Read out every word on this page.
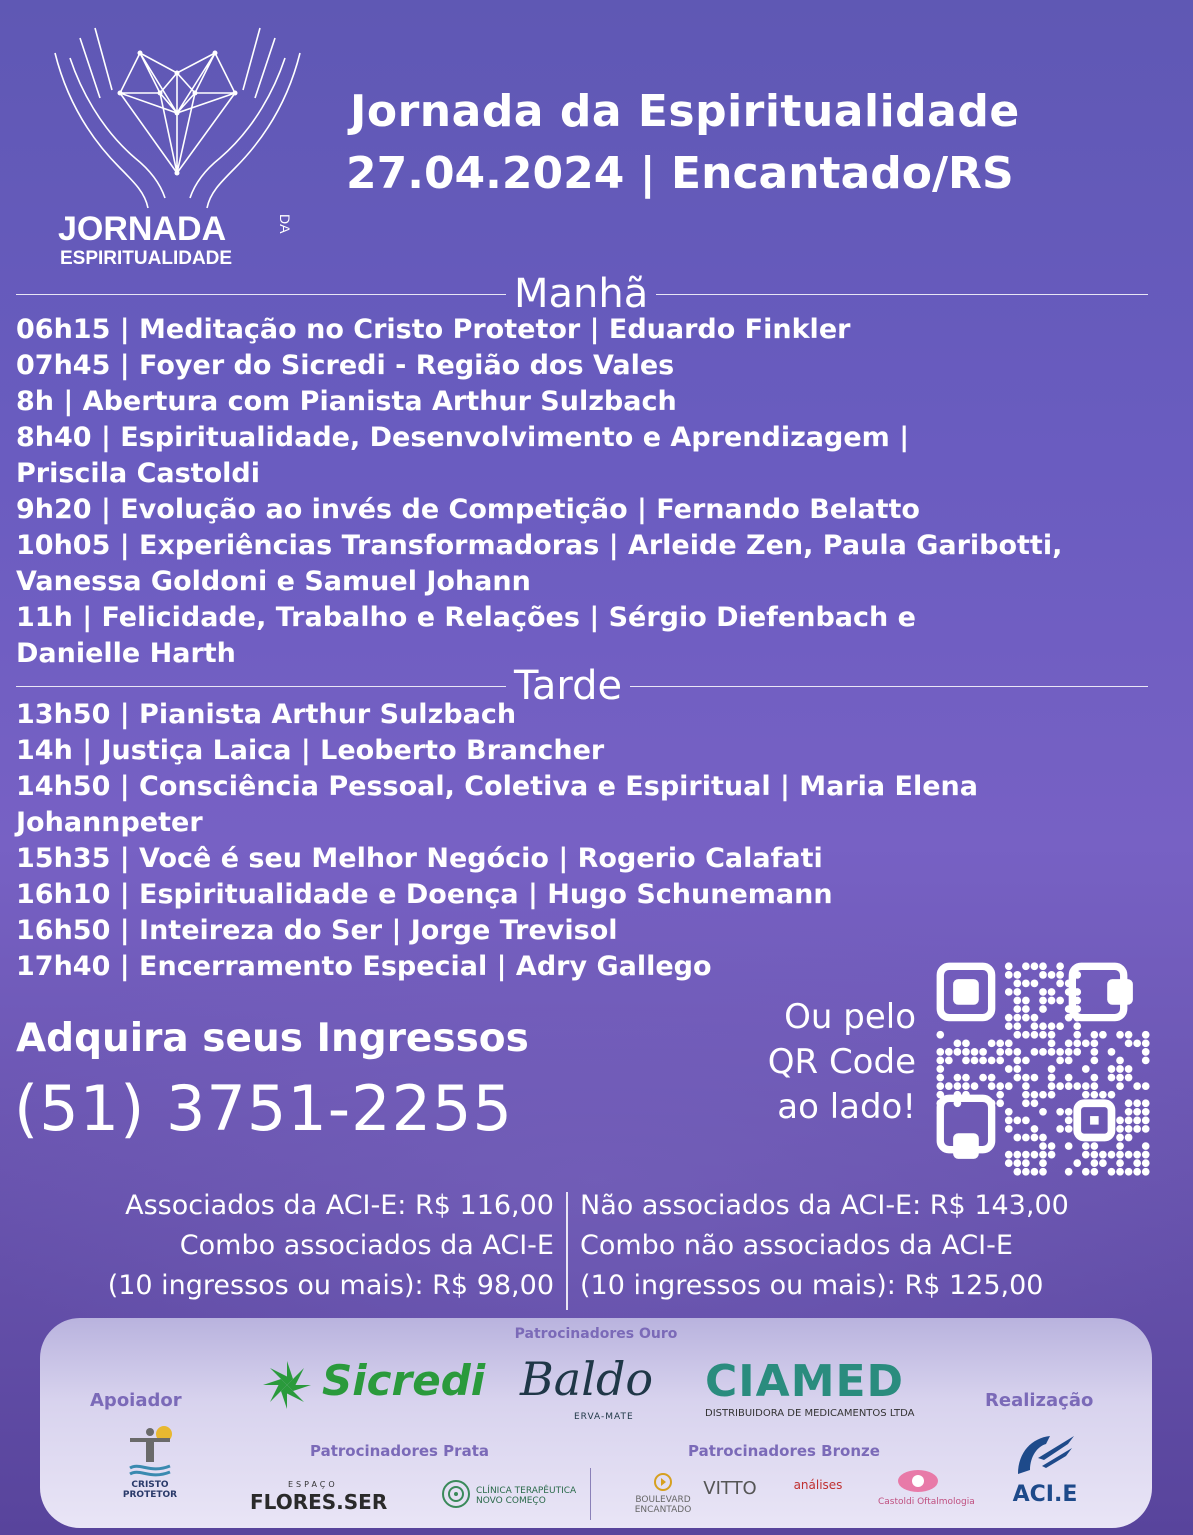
JORNADA	DA
ESPIRITUALIDADE
Jornada da Espiritualidade
27.04.2024 | Encantado/RS
Manhã
06h15 | Meditação no Cristo Protetor | Eduardo Finkler
07h45 | Foyer do Sicredi - Região dos Vales
8h | Abertura com Pianista Arthur Sulzbach
8h40 | Espiritualidade, Desenvolvimento e Aprendizagem |
Priscila Castoldi
9h20 | Evolução ao invés de Competição | Fernando Belatto
10h05 | Experiências Transformadoras | Arleide Zen, Paula Garibotti,
Vanessa Goldoni e Samuel Johann
11h | Felicidade, Trabalho e Relações | Sérgio Diefenbach e
Danielle Harth
Tarde
13h50 | Pianista Arthur Sulzbach
14h | Justiça Laica | Leoberto Brancher
14h50 | Consciência Pessoal, Coletiva e Espiritual | Maria Elena
Johannpeter
15h35 | Você é seu Melhor Negócio | Rogerio Calafati
16h10 | Espiritualidade e Doença | Hugo Schunemann
16h50 | Inteireza do Ser | Jorge Trevisol
17h40 | Encerramento Especial | Adry Gallego
Adquira seus Ingressos
(51) 3751-2255
Ou pelo
QR Code
ao lado!
Associados da ACI-E: R$ 116,00
Combo associados da ACI-E
(10 ingressos ou mais): R$ 98,00
Não associados da ACI-E: R$ 143,00
Combo não associados da ACI-E
(10 ingressos ou mais): R$ 125,00
Patrocinadores Ouro
Apoiador	Realização
Patrocinadores Prata	Patrocinadores Bronze
Sicredi Baldo
ERVA-MATE
CIAMED
DISTRIBUIDORA DE MEDICAMENTOS LTDA
CRISTO PROTETOR	ACI.E
ESPAÇO
FLORES.SER	CLÍNICA TERAPÊUTICA NOVO COMEÇO	BOULEVARD ENCANTADO
VITTO	análises
Castoldi Oftalmologia
